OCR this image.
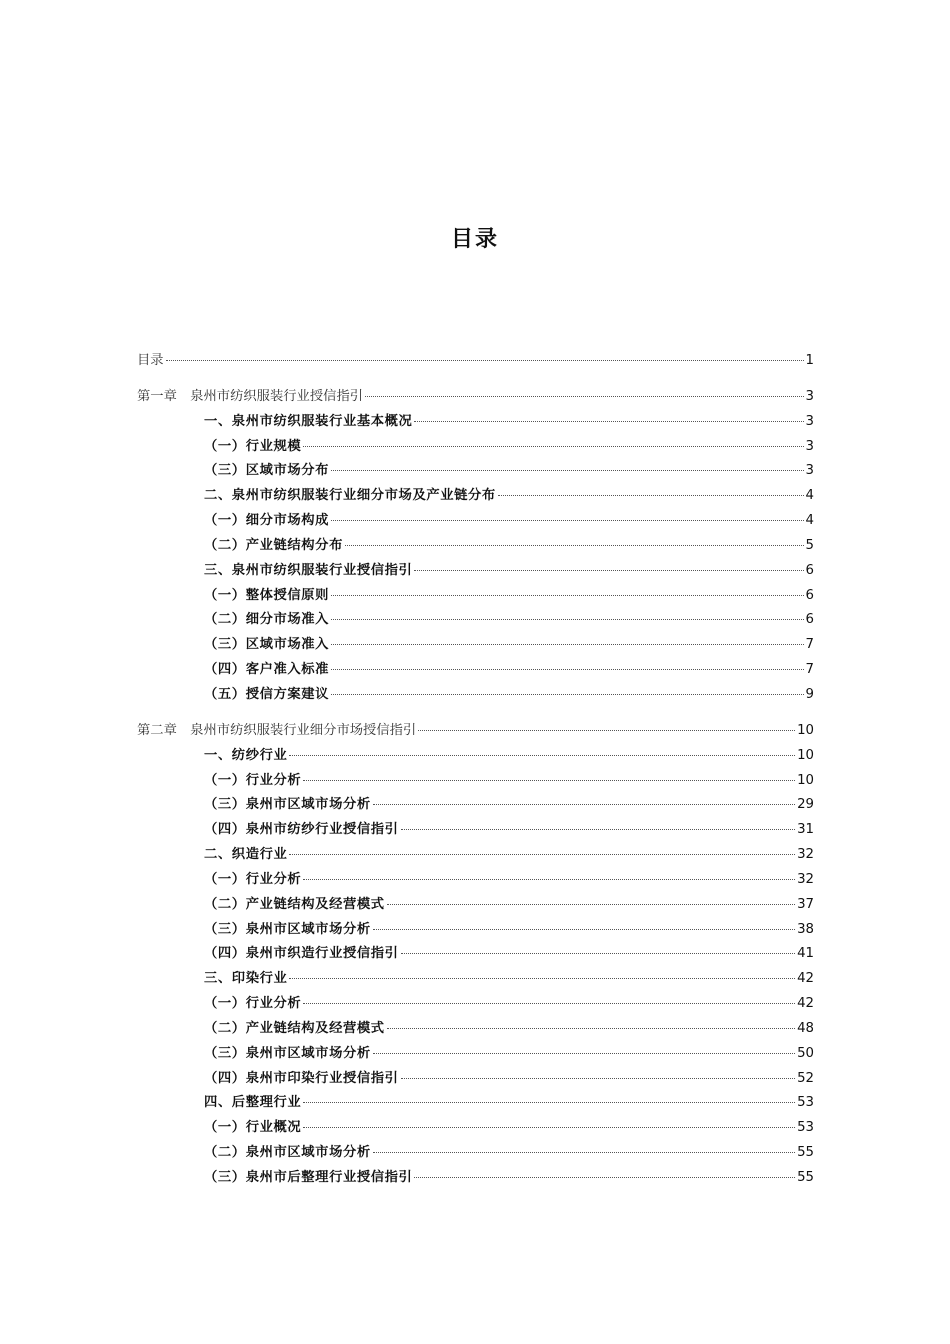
目录
目录	1
第一章　泉州市纺织服装行业授信指引	3
一、泉州市纺织服装行业基本概况	3
（一）行业规模	3
（三）区域市场分布	3
二、泉州市纺织服装行业细分市场及产业链分布	4
（一）细分市场构成	4
（二）产业链结构分布	5
三、泉州市纺织服装行业授信指引	6
（一）整体授信原则	6
（二）细分市场准入	6
（三）区域市场准入	7
（四）客户准入标准	7
（五）授信方案建议	9
第二章　泉州市纺织服装行业细分市场授信指引	10
一、纺纱行业	10
（一）行业分析	10
（三）泉州市区域市场分析	29
（四）泉州市纺纱行业授信指引	31
二、织造行业	32
（一）行业分析	32
（二）产业链结构及经营模式	37
（三）泉州市区域市场分析	38
（四）泉州市织造行业授信指引	41
三、印染行业	42
（一）行业分析	42
（二）产业链结构及经营模式	48
（三）泉州市区域市场分析	50
（四）泉州市印染行业授信指引	52
四、后整理行业	53
（一）行业概况	53
（二）泉州市区域市场分析	55
（三）泉州市后整理行业授信指引	55
